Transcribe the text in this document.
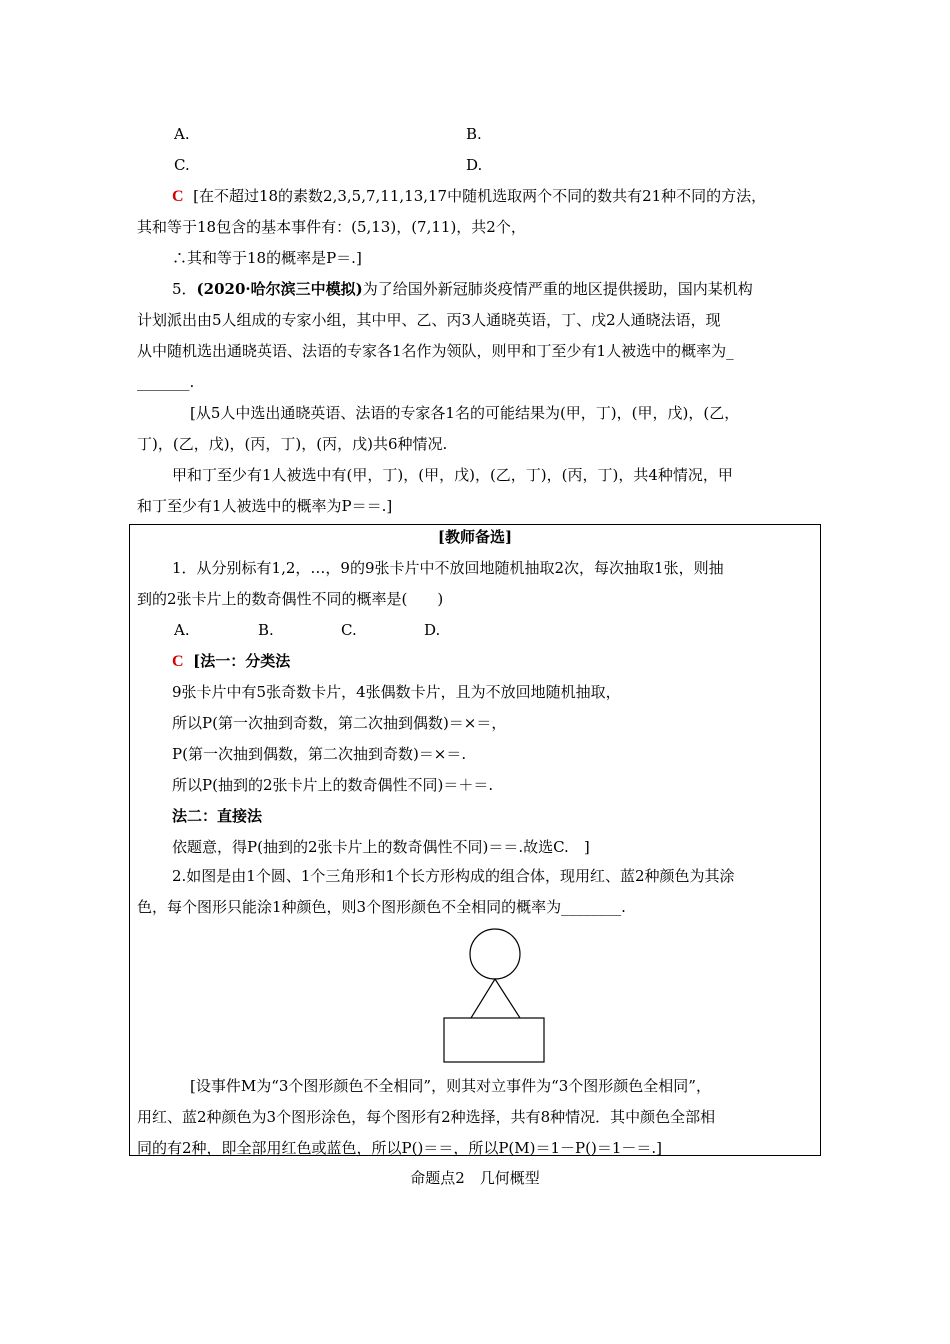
A.	B.
C.	D.
C [在不超过18的素数2,3,5,7,11,13,17中随机选取两个不同的数共有21种不同的方法，
其和等于18包含的基本事件有：(5,13)，(7,11)，共2个，
∴其和等于18的概率是P＝.]
5．(2020·哈尔滨三中模拟)为了给国外新冠肺炎疫情严重的地区提供援助，国内某机构
计划派出由5人组成的专家小组，其中甲、乙、丙3人通晓英语，丁、戊2人通晓法语，现
从中随机选出通晓英语、法语的专家各1名作为领队，则甲和丁至少有1人被选中的概率为_
_______.
[从5人中选出通晓英语、法语的专家各1名的可能结果为(甲，丁)，(甲，戊)，(乙，
丁)，(乙，戊)，(丙，丁)，(丙，戊)共6种情况.
甲和丁至少有1人被选中有(甲，丁)，(甲，戊)，(乙，丁)，(丙，丁)，共4种情况，甲
和丁至少有1人被选中的概率为P＝＝.]
[教师备选]
1．从分别标有1,2，…，9的9张卡片中不放回地随机抽取2次，每次抽取1张，则抽
到的2张卡片上的数奇偶性不同的概率是(　　)
A.	B.	C.	D.
C [法一：分类法
9张卡片中有5张奇数卡片，4张偶数卡片，且为不放回地随机抽取，
所以P(第一次抽到奇数，第二次抽到偶数)＝×＝，
P(第一次抽到偶数，第二次抽到奇数)＝×＝.
所以P(抽到的2张卡片上的数奇偶性不同)＝＋＝.
法二：直接法
依题意，得P(抽到的2张卡片上的数奇偶性不同)＝＝.故选C.　]
2.如图是由1个圆、1个三角形和1个长方形构成的组合体，现用红、蓝2种颜色为其涂
色，每个图形只能涂1种颜色，则3个图形颜色不全相同的概率为________.
[设事件M为“3个图形颜色不全相同”，则其对立事件为“3个图形颜色全相同”，
用红、蓝2种颜色为3个图形涂色，每个图形有2种选择，共有8种情况．其中颜色全部相
同的有2种，即全部用红色或蓝色，所以P()＝＝，所以P(M)＝1－P()＝1－＝.]
命题点2　几何概型
